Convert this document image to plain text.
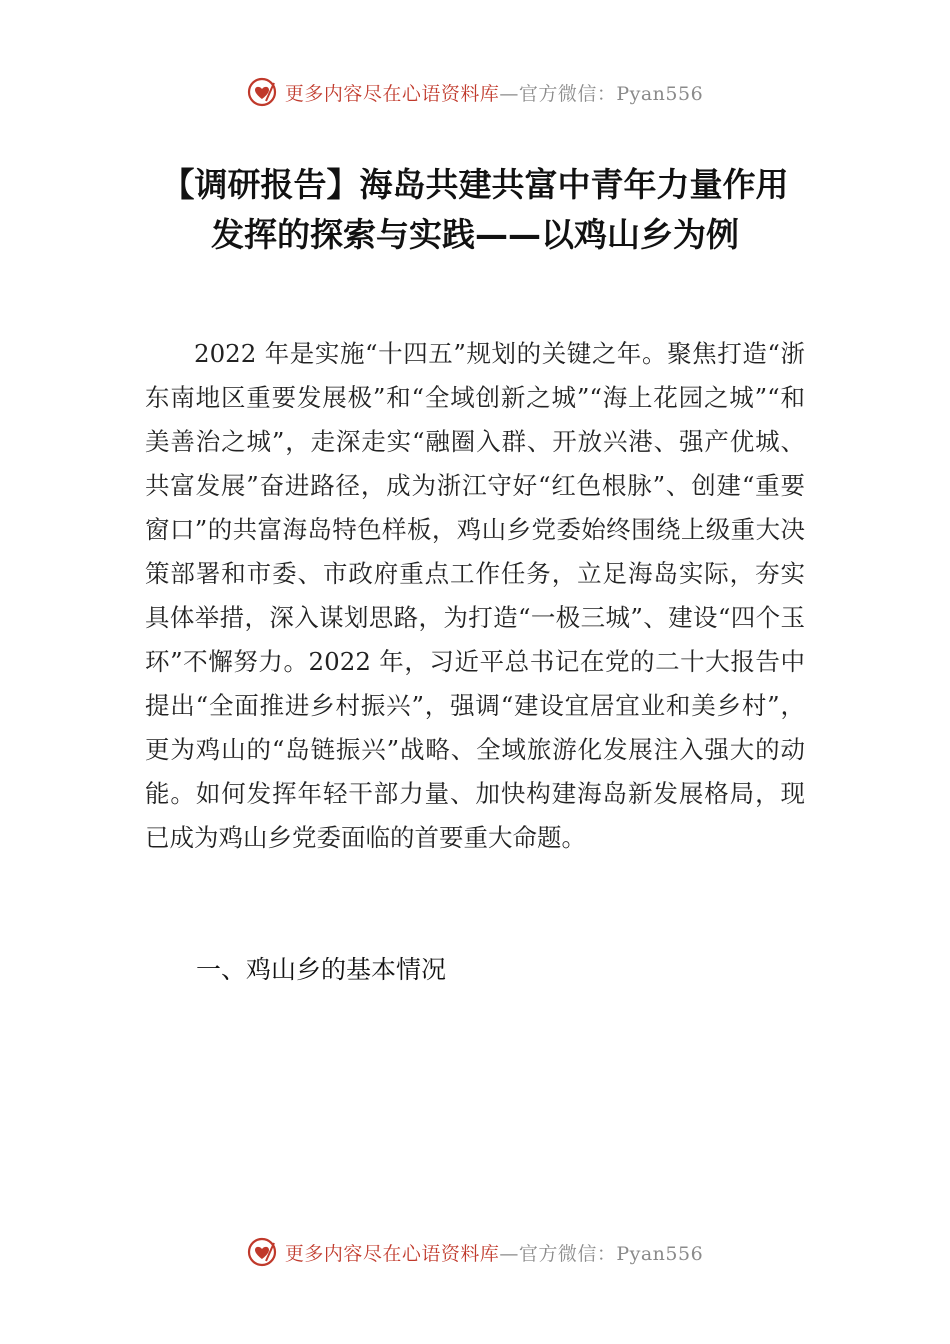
更多内容尽在心语资料库—官方微信：Pyan556
【调研报告】海岛共建共富中青年力量作用
发挥的探索与实践——以鸡山乡为例
2022 年是实施“十四五”规划的关键之年。聚焦打造“浙东南地区重要发展极”和“全域创新之城”“海上花园之城”“和美善治之城”，走深走实“融圈入群、开放兴港、强产优城、共富发展”奋进路径，成为浙江守好“红色根脉”、创建“重要窗口”的共富海岛特色样板，鸡山乡党委始终围绕上级重大决策部署和市委、市政府重点工作任务，立足海岛实际，夯实具体举措，深入谋划思路，为打造“一极三城”、建设“四个玉环”不懈努力。2022 年，习近平总书记在党的二十大报告中提出“全面推进乡村振兴”，强调“建设宜居宜业和美乡村”，更为鸡山的“岛链振兴”战略、全域旅游化发展注入强大的动能。如何发挥年轻干部力量、加快构建海岛新发展格局，现已成为鸡山乡党委面临的首要重大命题。
一、鸡山乡的基本情况
更多内容尽在心语资料库—官方微信：Pyan556
